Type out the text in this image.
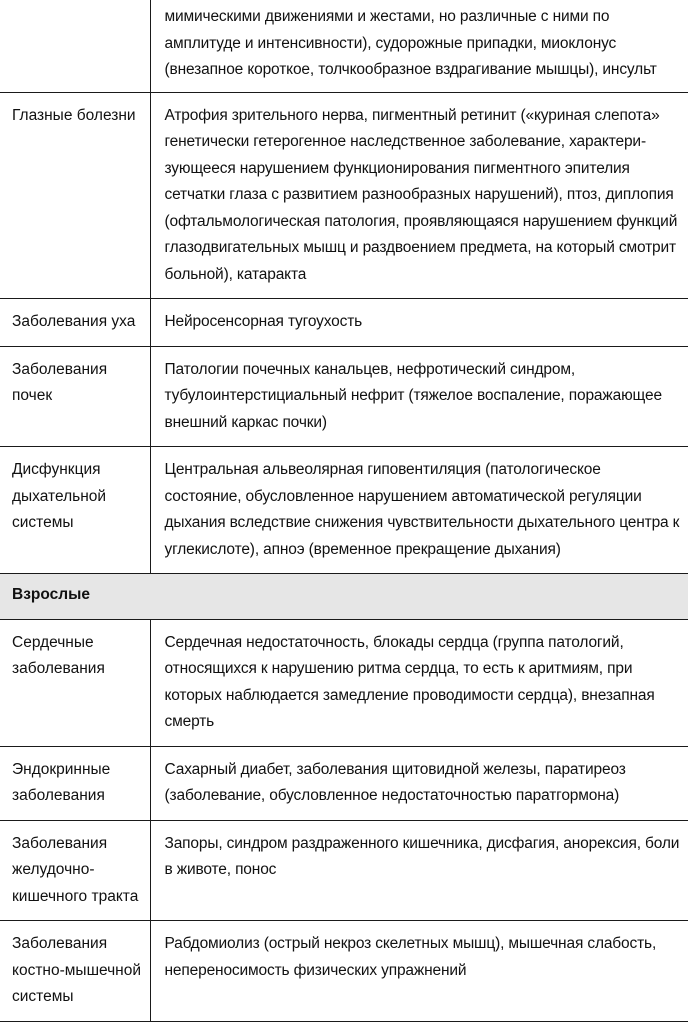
	мимическими движениями и жестами, но различные с ними по амплитуде и интенсивности), судорожные припадки, миоклонус (внезапное короткое, толчкообразное вздрагивание мышцы), инсульт
Глазные болезни	Атрофия зрительного нерва, пигментный ретинит («куриная слепота» генетически гетерогенное наследственное заболевание, характери-зующееся нарушением функционирования пигментного эпителия сетчатки глаза с развитием разнообразных нарушений), птоз, диплопия (офтальмологическая патология, проявляющаяся нарушением функций глазодвигательных мышц и раздвоением предмета, на который смотрит больной), катаракта
Заболевания уха	Нейросенсорная тугоухость
Заболевания почек	Патологии почечных канальцев, нефротический синдром, тубулоинтерстициальный нефрит (тяжелое воспаление, поражающее внешний каркас почки)
Дисфункция дыхательной системы	Центральная альвеолярная гиповентиляция (патологическое состояние, обусловленное нарушением автоматической регуляции дыхания вследствие снижения чувствительности дыхательного центра к углекислоте), апноэ (временное прекращение дыхания)
Взрослые	
Сердечные заболевания	Сердечная недостаточность, блокады сердца (группа патологий, относящихся к нарушению ритма сердца, то есть к аритмиям, при которых наблюдается замедление проводимости сердца), внезапная смерть
Эндокринные заболевания	Сахарный диабет, заболевания щитовидной железы, паратиреоз (заболевание, обусловленное недостаточностью паратгормона)
Заболевания желудочно-кишечного тракта	Запоры, синдром раздраженного кишечника, дисфагия, анорексия, боли в животе, понос
Заболевания костно-мышечной системы	Рабдомиолиз (острый некроз скелетных мышц), мышечная слабость, непереносимость физических упражнений
